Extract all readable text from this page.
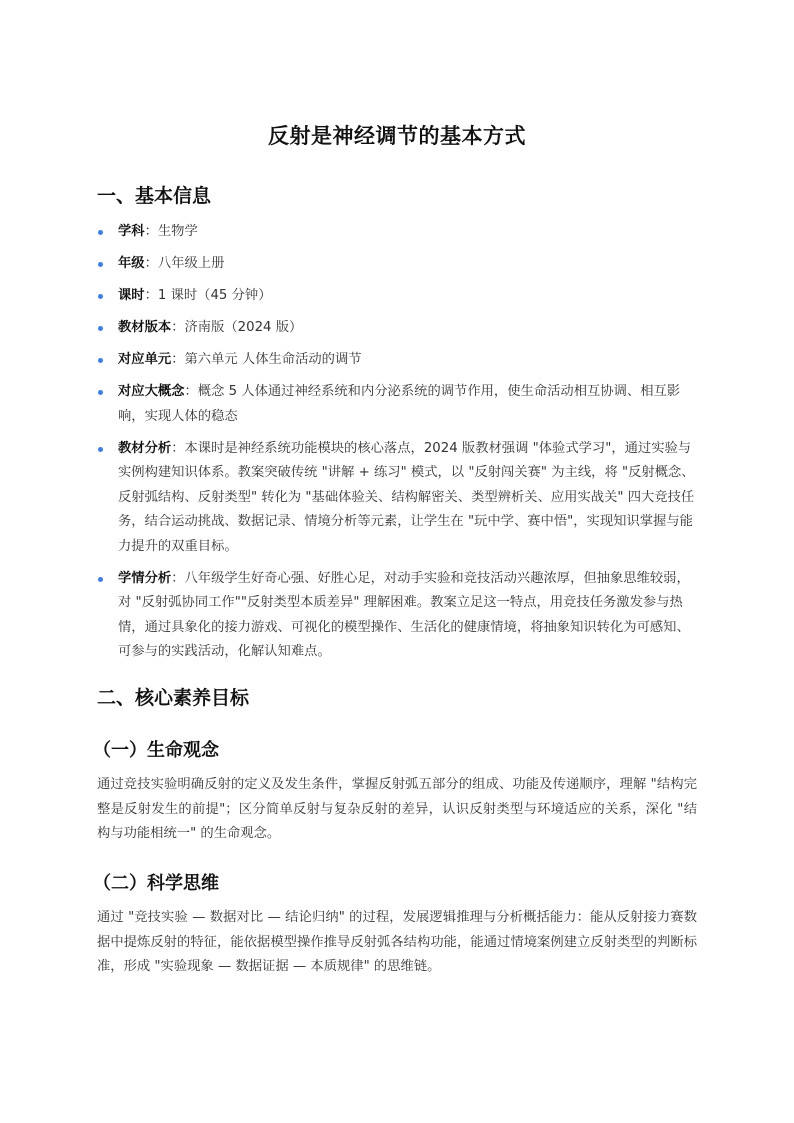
反射是神经调节的基本方式
一、基本信息
学科：生物学
年级：八年级上册
课时：1 课时（45 分钟）
教材版本：济南版（2024 版）
对应单元：第六单元 人体生命活动的调节
对应大概念：概念 5 人体通过神经系统和内分泌系统的调节作用，使生命活动相互协调、相互影响，实现人体的稳态
教材分析：本课时是神经系统功能模块的核心落点，2024 版教材强调 "体验式学习"，通过实验与实例构建知识体系。教案突破传统 "讲解 + 练习" 模式，以 "反射闯关赛" 为主线，将 "反射概念、反射弧结构、反射类型" 转化为 "基础体验关、结构解密关、类型辨析关、应用实战关" 四大竞技任务，结合运动挑战、数据记录、情境分析等元素，让学生在 "玩中学、赛中悟"，实现知识掌握与能力提升的双重目标。
学情分析：八年级学生好奇心强、好胜心足，对动手实验和竞技活动兴趣浓厚，但抽象思维较弱，对 "反射弧协同工作""反射类型本质差异" 理解困难。教案立足这一特点，用竞技任务激发参与热情，通过具象化的接力游戏、可视化的模型操作、生活化的健康情境，将抽象知识转化为可感知、可参与的实践活动，化解认知难点。
二、核心素养目标
（一）生命观念
通过竞技实验明确反射的定义及发生条件，掌握反射弧五部分的组成、功能及传递顺序，理解 "结构完整是反射发生的前提"；区分简单反射与复杂反射的差异，认识反射类型与环境适应的关系，深化 "结构与功能相统一" 的生命观念。
（二）科学思维
通过 "竞技实验 — 数据对比 — 结论归纳" 的过程，发展逻辑推理与分析概括能力：能从反射接力赛数据中提炼反射的特征，能依据模型操作推导反射弧各结构功能，能通过情境案例建立反射类型的判断标准，形成 "实验现象 — 数据证据 — 本质规律" 的思维链。
